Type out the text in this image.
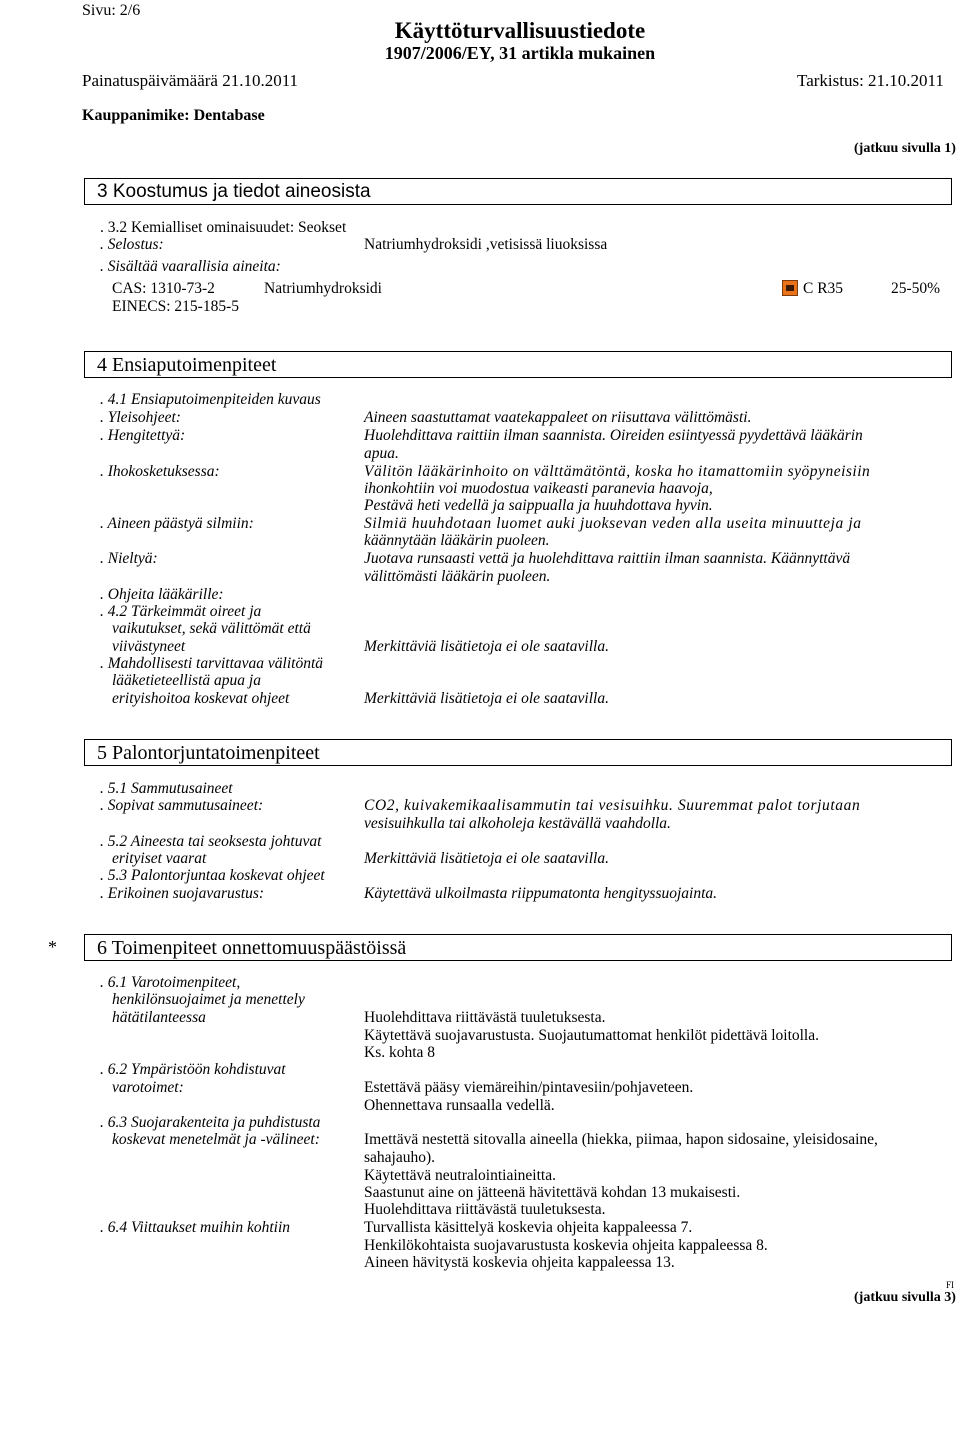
Sivu: 2/6
Käyttöturvallisuustiedote
1907/2006/EY, 31 artikla mukainen
Painatuspäivämäärä 21.10.2011	Tarkistus: 21.10.2011
Kauppanimike: Dentabase
(jatkuu sivulla 1)
3 Koostumus ja tiedot aineosista
. 3.2 Kemialliset ominaisuudet: Seokset
. Selostus:	Natriumhydroksidi ,vetisissä liuoksissa
. Sisältää vaarallisia aineita:
CAS: 1310-73-2	Natriumhydroksidi	C R35	25-50%
EINECS: 215-185-5
4 Ensiaputoimenpiteet
. 4.1 Ensiaputoimenpiteiden kuvaus
. Yleisohjeet:	Aineen saastuttamat vaatekappaleet on riisuttava välittömästi.
. Hengitettyä:	Huolehdittava raittiin ilman saannista. Oireiden esiintyessä pyydettävä lääkärin
apua.
. Ihokosketuksessa:	Välitön lääkärinhoito on välttämätöntä, koska ho itamattomiin syöpyneisiin
ihonkohtiin voi muodostua vaikeasti paranevia haavoja,
Pestävä heti vedellä ja saippualla ja huuhdottava hyvin.
. Aineen päästyä silmiin:	Silmiä huuhdotaan luomet auki juoksevan veden alla useita minuutteja ja
käännytään lääkärin puoleen.
. Nieltyä:	Juotava runsaasti vettä ja huolehdittava raittiin ilman saannista. Käännyttävä
välittömästi lääkärin puoleen.
. Ohjeita lääkärille:
. 4.2 Tärkeimmät oireet ja
vaikutukset, sekä välittömät että
viivästyneet	Merkittäviä lisätietoja ei ole saatavilla.
. Mahdollisesti tarvittavaa välitöntä
lääketieteellistä apua ja
erityishoitoa koskevat ohjeet	Merkittäviä lisätietoja ei ole saatavilla.
5 Palontorjuntatoimenpiteet
. 5.1 Sammutusaineet
. Sopivat sammutusaineet:	CO2, kuivakemikaalisammutin tai vesisuihku. Suuremmat palot torjutaan
vesisuihkulla tai alkoholeja kestävällä vaahdolla.
. 5.2 Aineesta tai seoksesta johtuvat
erityiset vaarat	Merkittäviä lisätietoja ei ole saatavilla.
. 5.3 Palontorjuntaa koskevat ohjeet
. Erikoinen suojavarustus:	Käytettävä ulkoilmasta riippumatonta hengityssuojainta.
* 6 Toimenpiteet onnettomuuspäästöissä
. 6.1 Varotoimenpiteet,
henkilönsuojaimet ja menettely
hätätilanteessa	Huolehdittava riittävästä tuuletuksesta.
Käytettävä suojavarustusta. Suojautumattomat henkilöt pidettävä loitolla.
Ks. kohta 8
. 6.2 Ympäristöön kohdistuvat
varotoimet:	Estettävä pääsy viemäreihin/pintavesiin/pohjaveteen.
Ohennettava runsaalla vedellä.
. 6.3 Suojarakenteita ja puhdistusta
koskevat menetelmät ja -välineet:	Imettävä nestettä sitovalla aineella (hiekka, piimaa, hapon sidosaine, yleisidosaine,
sahajauho).
Käytettävä neutralointiaineitta.
Saastunut aine on jätteenä hävitettävä kohdan 13 mukaisesti.
Huolehdittava riittävästä tuuletuksesta.
. 6.4 Viittaukset muihin kohtiin	Turvallista käsittelyä koskevia ohjeita kappaleessa 7.
Henkilökohtaista suojavarustusta koskevia ohjeita kappaleessa 8.
Aineen hävitystä koskevia ohjeita kappaleessa 13.
FI
(jatkuu sivulla 3)
